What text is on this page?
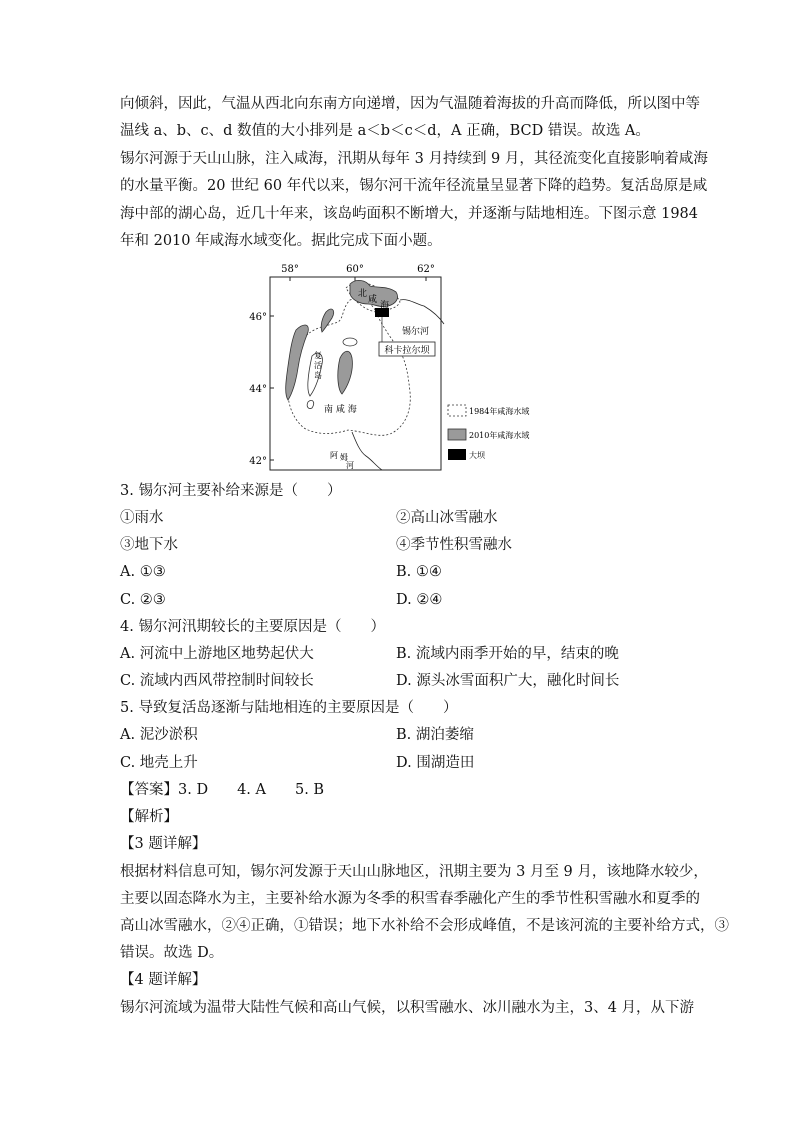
向倾斜，因此，气温从西北向东南方向递增，因为气温随着海拔的升高而降低，所以图中等
温线 a、b、c、d 数值的大小排列是 a＜b＜c＜d，A 正确，BCD 错误。故选 A。
锡尔河源于天山山脉，注入咸海，汛期从每年 3 月持续到 9 月，其径流变化直接影响着咸海
的水量平衡。20 世纪 60 年代以来，锡尔河干流年径流量呈显著下降的趋势。复活岛原是咸
海中部的湖心岛，近几十年来，该岛屿面积不断增大，并逐渐与陆地相连。下图示意 1984
年和 2010 年咸海水域变化。据此完成下面小题。
58°	60°	62°
46°
44°
42°
科卡拉尔坝
锡尔河
北
咸
海
复
活
岛
南 咸 海
阿 姆
河
1984年咸海水域
2010年咸海水域
大坝
3. 锡尔河主要补给来源是（　　）
①雨水	②高山冰雪融水
③地下水	④季节性积雪融水
A. ①③	B. ①④
C. ②③	D. ②④
4. 锡尔河汛期较长的主要原因是（　　）
A. 河流中上游地区地势起伏大	B. 流域内雨季开始的早，结束的晚
C. 流域内西风带控制时间较长	D. 源头冰雪面积广大，融化时间长
5. 导致复活岛逐渐与陆地相连的主要原因是（　　）
A. 泥沙淤积	B. 湖泊萎缩
C. 地壳上升	D. 围湖造田
【答案】3. D　　4. A　　5. B
【解析】
【3 题详解】
根据材料信息可知，锡尔河发源于天山山脉地区，汛期主要为 3 月至 9 月，该地降水较少，
主要以固态降水为主，主要补给水源为冬季的积雪春季融化产生的季节性积雪融水和夏季的
高山冰雪融水，②④正确，①错误；地下水补给不会形成峰值，不是该河流的主要补给方式，③
错误。故选 D。
【4 题详解】
锡尔河流域为温带大陆性气候和高山气候，以积雪融水、冰川融水为主，3、4 月，从下游
